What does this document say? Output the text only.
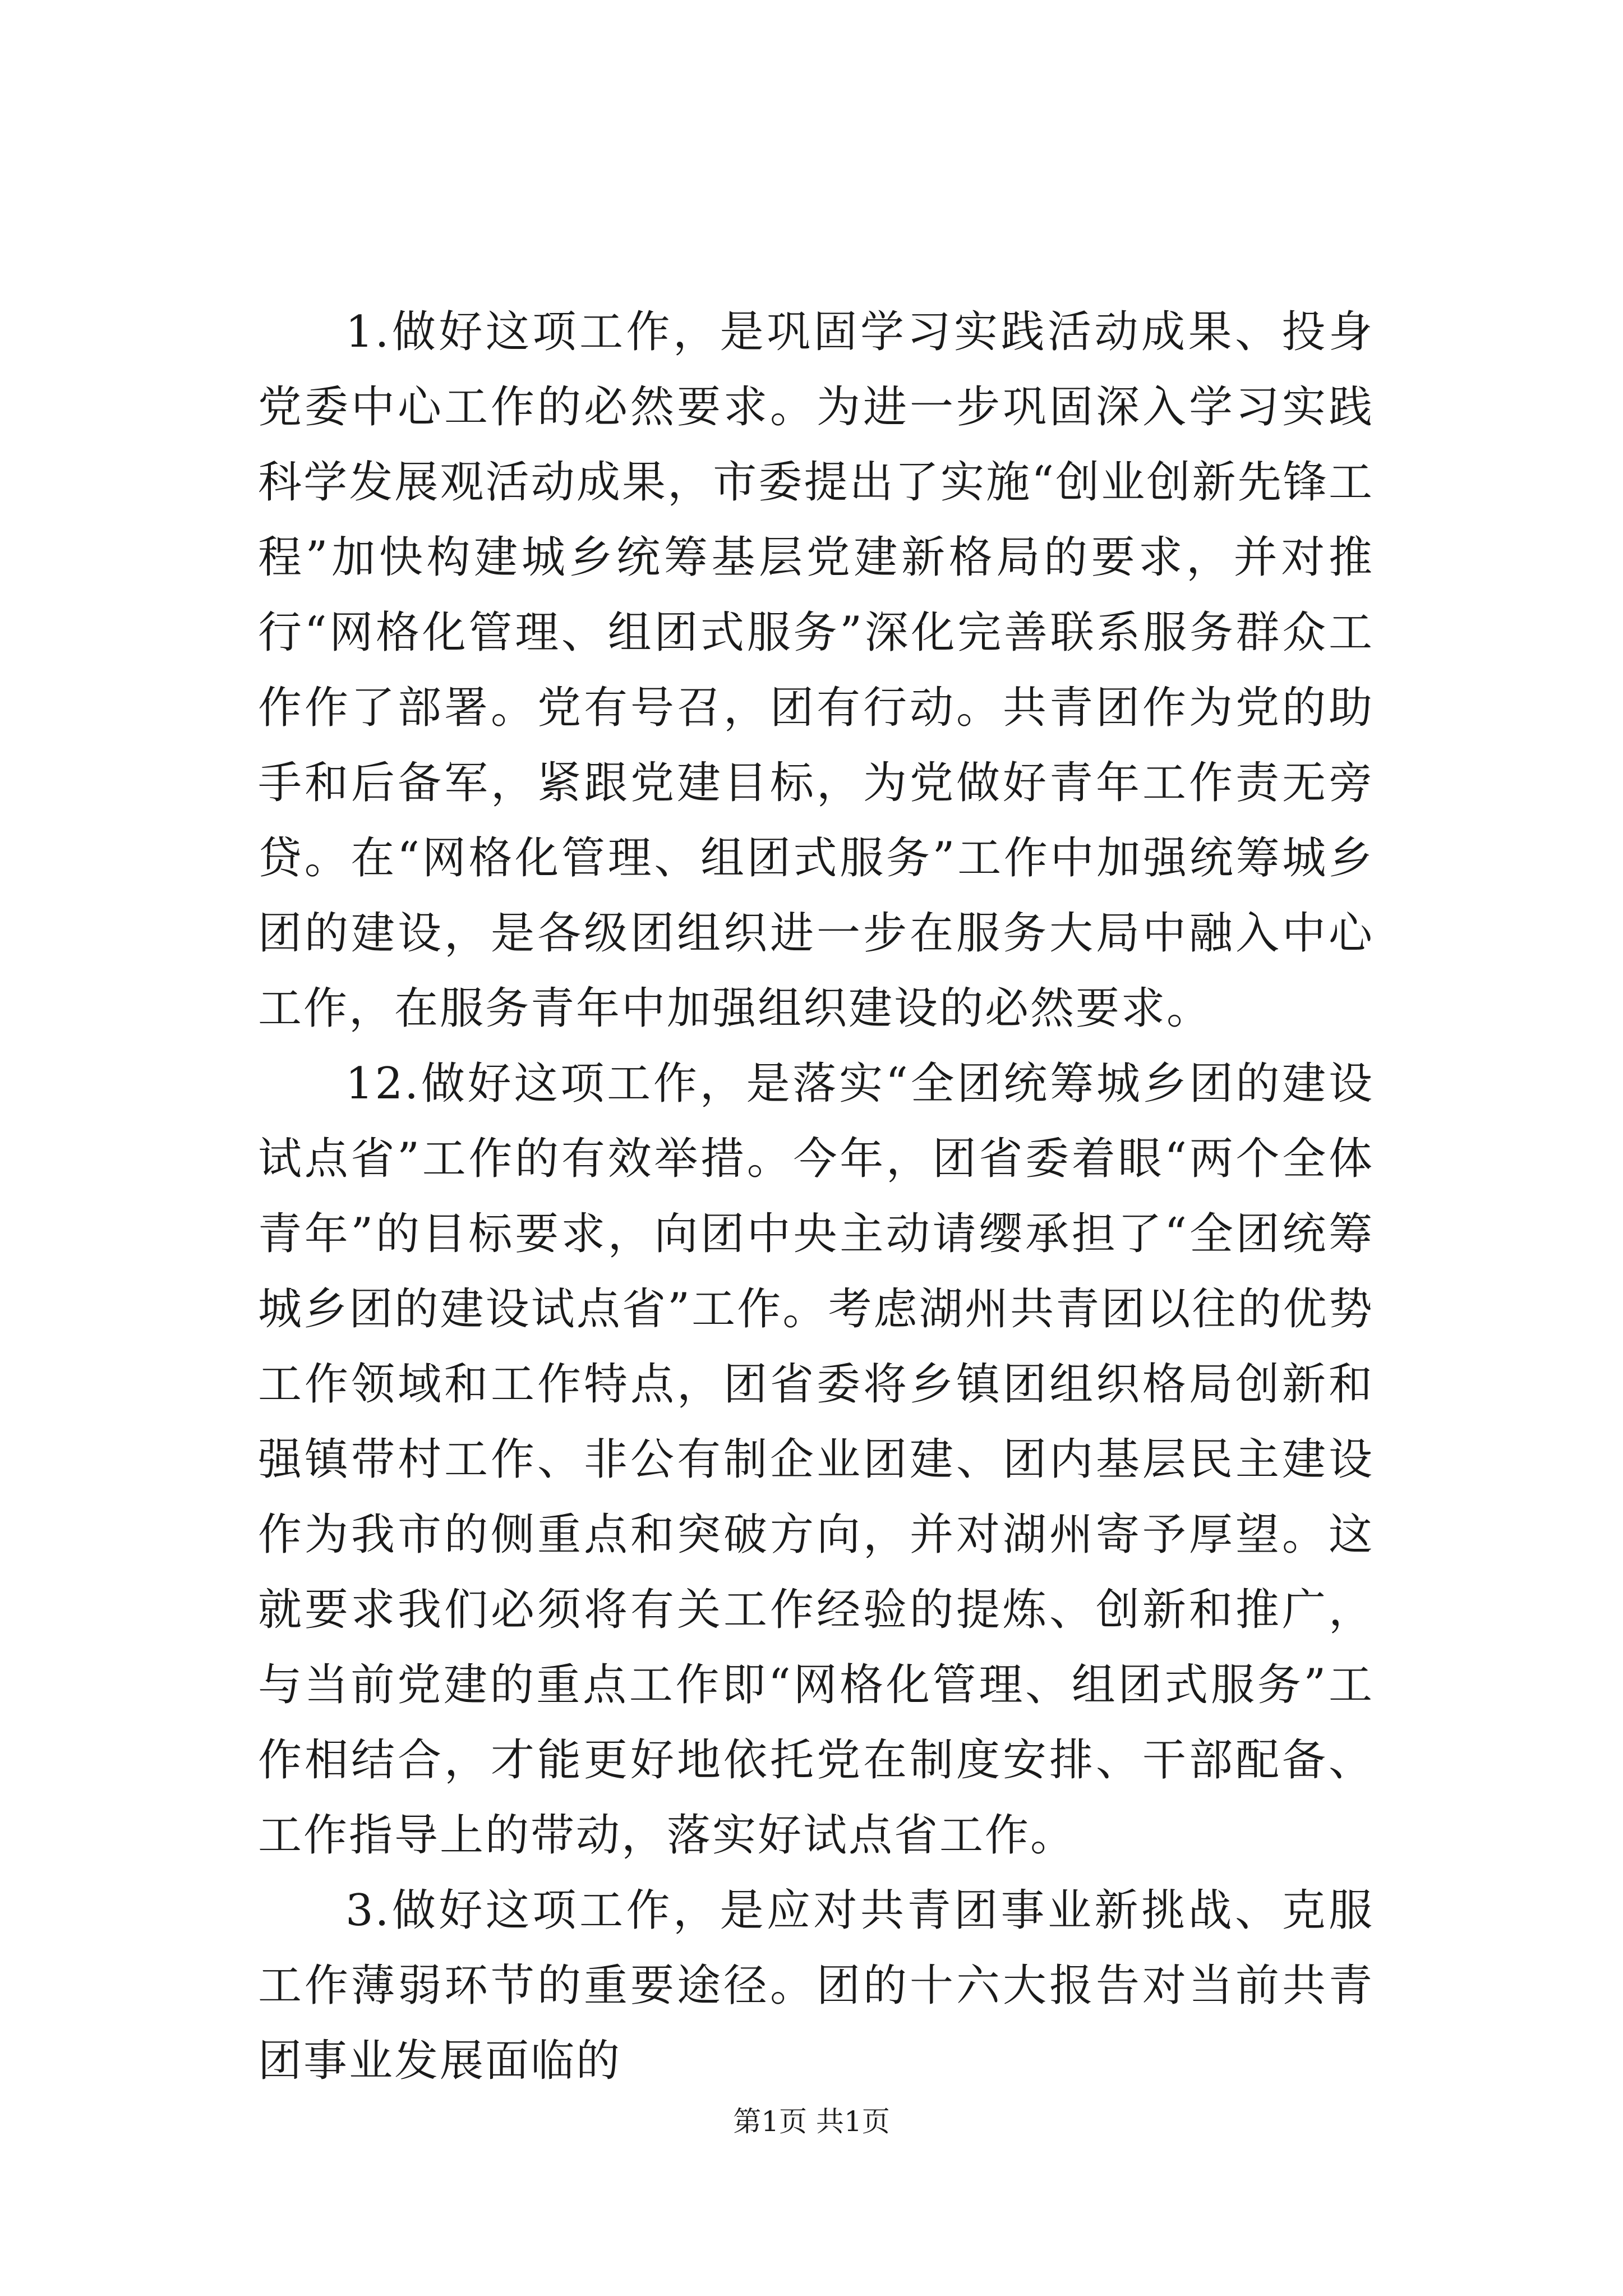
1.做好这项工作，是巩固学习实践活动成果、投身党委中心工作的必然要求。为进一步巩固深入学习实践科学发展观活动成果，市委提出了实施“创业创新先锋工程”加快构建城乡统筹基层党建新格局的要求，并对推行“网格化管理、组团式服务”深化完善联系服务群众工作作了部署。党有号召，团有行动。共青团作为党的助手和后备军，紧跟党建目标，为党做好青年工作责无旁贷。在“网格化管理、组团式服务”工作中加强统筹城乡团的建设，是各级团组织进一步在服务大局中融入中心工作，在服务青年中加强组织建设的必然要求。

12.做好这项工作，是落实“全团统筹城乡团的建设试点省”工作的有效举措。今年，团省委着眼“两个全体青年”的目标要求，向团中央主动请缨承担了“全团统筹城乡团的建设试点省”工作。考虑湖州共青团以往的优势工作领域和工作特点，团省委将乡镇团组织格局创新和强镇带村工作、非公有制企业团建、团内基层民主建设作为我市的侧重点和突破方向，并对湖州寄予厚望。这就要求我们必须将有关工作经验的提炼、创新和推广，与当前党建的重点工作即“网格化管理、组团式服务”工作相结合，才能更好地依托党在制度安排、干部配备、工作指导上的带动，落实好试点省工作。

3.做好这项工作，是应对共青团事业新挑战、克服工作薄弱环节的重要途径。团的十六大报告对当前共青团事业发展面临的

第1页 共1页
